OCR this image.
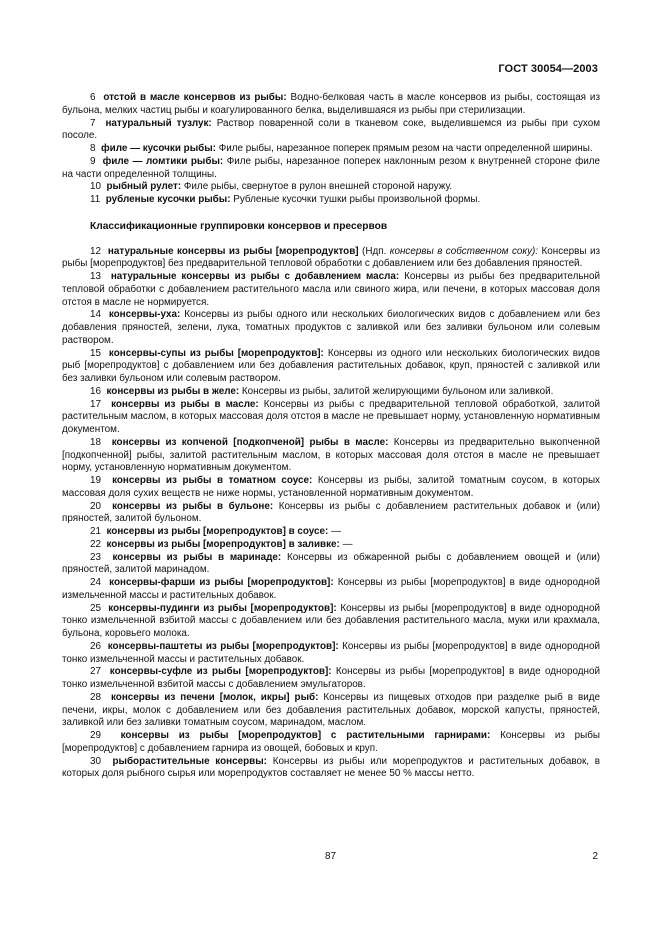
ГОСТ 30054—2003

6 отстой в масле консервов из рыбы: Водно-белковая часть в масле консервов из рыбы, состоящая из бульона, мелких частиц рыбы и коагулированного белка, выделившаяся из рыбы при стерилизации.

7 натуральный тузлук: Раствор поваренной соли в тканевом соке, выделившемся из рыбы при сухом посоле.

8 филе — кусочки рыбы: Филе рыбы, нарезанное поперек прямым резом на части определенной ширины.

9 филе — ломтики рыбы: Филе рыбы, нарезанное поперек наклонным резом к внутренней стороне филе на части определенной толщины.

10 рыбный рулет: Филе рыбы, свернутое в рулон внешней стороной наружу.

11 рубленые кусочки рыбы: Рубленые кусочки тушки рыбы произвольной формы.

Классификационные группировки консервов и пресервов

12 натуральные консервы из рыбы [морепродуктов] (Ндп. консервы в собственном соку): Консервы из рыбы [морепродуктов] без предварительной тепловой обработки с добавлением или без добавления пряностей.

13 натуральные консервы из рыбы с добавлением масла: Консервы из рыбы без предварительной тепловой обработки с добавлением растительного масла или свиного жира, или печени, в которых массовая доля отстоя в масле не нормируется.

14 консервы-уха: Консервы из рыбы одного или нескольких биологических видов с добавлением или без добавления пряностей, зелени, лука, томатных продуктов с заливкой или без заливки бульоном или солевым раствором.

15 консервы-супы из рыбы [морепродуктов]: Консервы из одного или нескольких биологических видов рыб [морепродуктов] с добавлением или без добавления растительных добавок, круп, пряностей с заливкой или без заливки бульоном или солевым раствором.

16 консервы из рыбы в желе: Консервы из рыбы, залитой желирующими бульоном или заливкой.

17 консервы из рыбы в масле: Консервы из рыбы с предварительной тепловой обработкой, залитой растительным маслом, в которых массовая доля отстоя в масле не превышает норму, установленную нормативным документом.

18 консервы из копченой [подкопченой] рыбы в масле: Консервы из предварительно выкопченной [подкопченной] рыбы, залитой растительным маслом, в которых массовая доля отстоя в масле не превышает норму, установленную нормативным документом.

19 консервы из рыбы в томатном соусе: Консервы из рыбы, залитой томатным соусом, в которых массовая доля сухих веществ не ниже нормы, установленной нормативным документом.

20 консервы из рыбы в бульоне: Консервы из рыбы с добавлением растительных добавок и (или) пряностей, залитой бульоном.

21 консервы из рыбы [морепродуктов] в соусе: —

22 консервы из рыбы [морепродуктов] в заливке: —

23 консервы из рыбы в маринаде: Консервы из обжаренной рыбы с добавлением овощей и (или) пряностей, залитой маринадом.

24 консервы-фарши из рыбы [морепродуктов]: Консервы из рыбы [морепродуктов] в виде однородной измельченной массы и растительных добавок.

25 консервы-пудинги из рыбы [морепродуктов]: Консервы из рыбы [морепродуктов] в виде однородной тонко измельченной взбитой массы с добавлением или без добавления растительного масла, муки или крахмала, бульона, коровьего молока.

26 консервы-паштеты из рыбы [морепродуктов]: Консервы из рыбы [морепродуктов] в виде однородной тонко измельченной массы и растительных добавок.

27 консервы-суфле из рыбы [морепродуктов]: Консервы из рыбы [морепродуктов] в виде однородной тонко измельченной взбитой массы с добавлением эмульгаторов.

28 консервы из печени [молок, икры] рыб: Консервы из пищевых отходов при разделке рыб в виде печени, икры, молок с добавлением или без добавления растительных добавок, морской капусты, пряностей, заливкой или без заливки томатным соусом, маринадом, маслом.

29 консервы из рыбы [морепродуктов] с растительными гарнирами: Консервы из рыбы [морепродуктов] с добавлением гарнира из овощей, бобовых и круп.

30 рыборастительные консервы: Консервы из рыбы или морепродуктов и растительных добавок, в которых доля рыбного сырья или морепродуктов составляет не менее 50 % массы нетто.

87	2
